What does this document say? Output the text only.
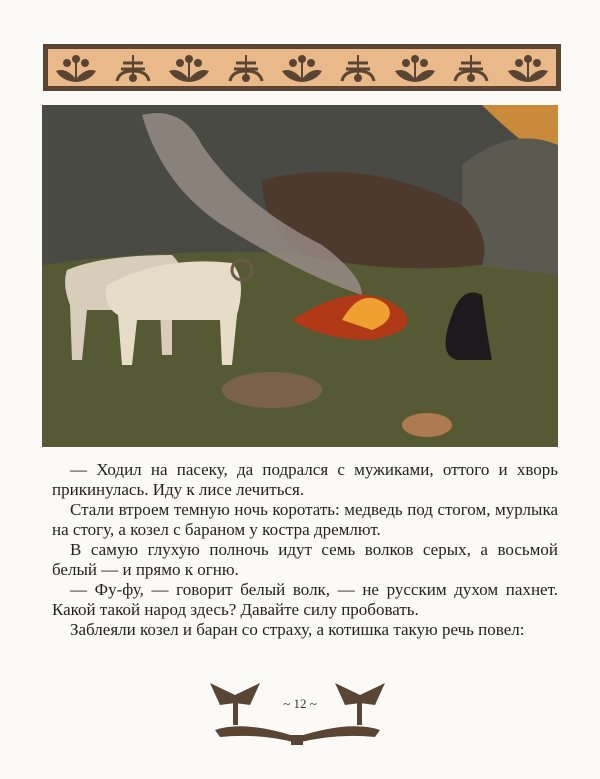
— Ходил на пасеку, да подрался с мужиками, оттого и хворь прикинулась. Иду к лисе лечиться.

Стали втроем темную ночь коротать: медведь под стогом, мурлыка на стогу, а козел с бараном у костра дремлют.

В самую глухую полночь идут семь волков серых, а восьмой белый — и прямо к огню.

— Фу-фу, — говорит белый волк, — не русским духом пахнет. Какой такой народ здесь? Давайте силу пробовать.

Заблеяли козел и баран со страху, а котишка такую речь повел:

~ 12 ~
